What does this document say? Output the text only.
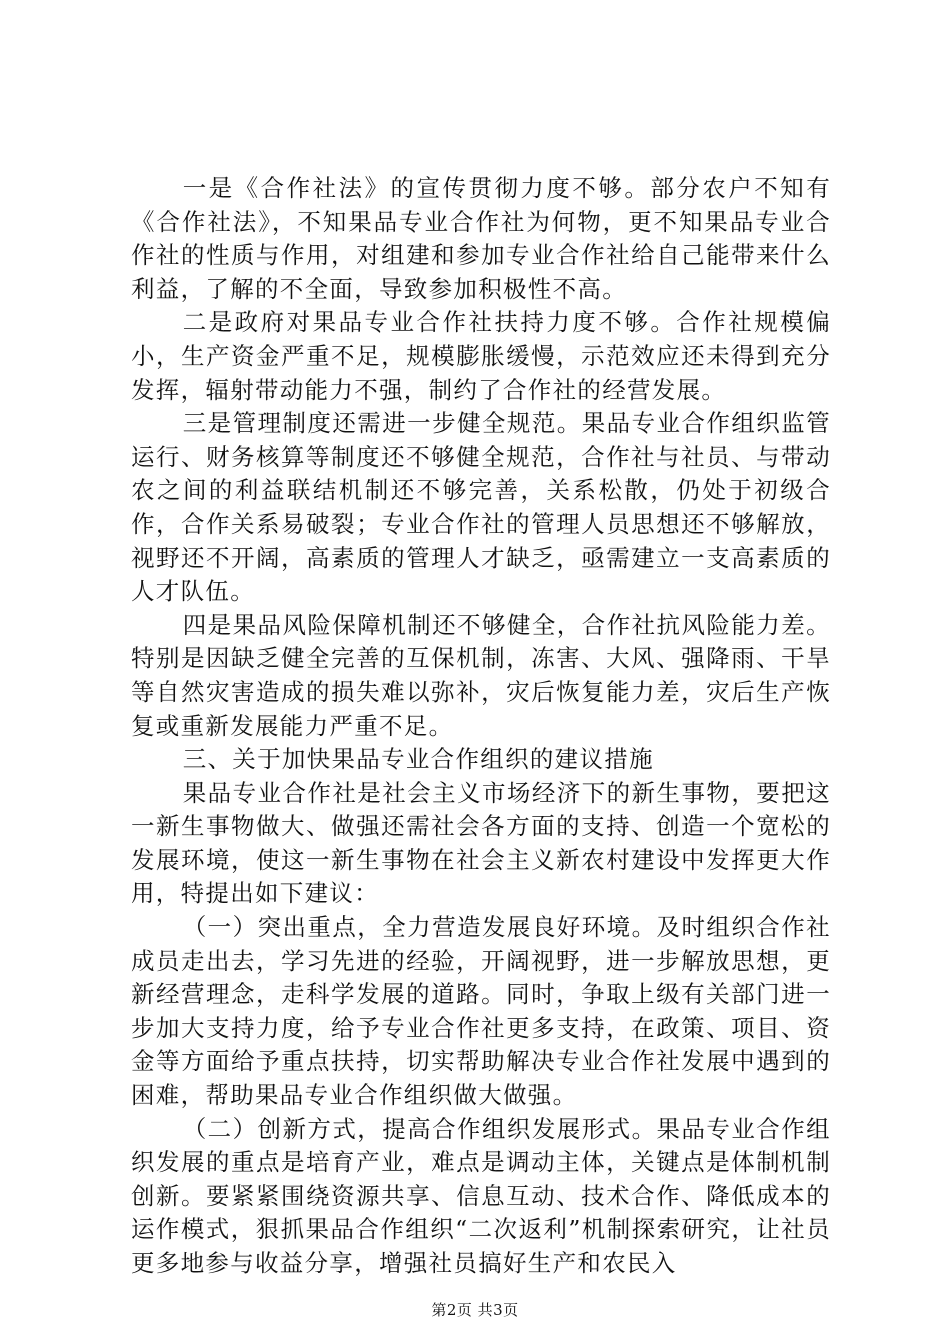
一是《合作社法》的宣传贯彻力度不够。部分农户不知有《合作社法》，不知果品专业合作社为何物，更不知果品专业合作社的性质与作用，对组建和参加专业合作社给自己能带来什么利益，了解的不全面，导致参加积极性不高。

二是政府对果品专业合作社扶持力度不够。合作社规模偏小，生产资金严重不足，规模膨胀缓慢，示范效应还未得到充分发挥，辐射带动能力不强，制约了合作社的经营发展。

三是管理制度还需进一步健全规范。果品专业合作组织监管运行、财务核算等制度还不够健全规范，合作社与社员、与带动农之间的利益联结机制还不够完善，关系松散，仍处于初级合作，合作关系易破裂；专业合作社的管理人员思想还不够解放，视野还不开阔，高素质的管理人才缺乏，亟需建立一支高素质的人才队伍。

四是果品风险保障机制还不够健全，合作社抗风险能力差。特别是因缺乏健全完善的互保机制，冻害、大风、强降雨、干旱等自然灾害造成的损失难以弥补，灾后恢复能力差，灾后生产恢复或重新发展能力严重不足。

三、关于加快果品专业合作组织的建议措施

果品专业合作社是社会主义市场经济下的新生事物，要把这一新生事物做大、做强还需社会各方面的支持、创造一个宽松的发展环境，使这一新生事物在社会主义新农村建设中发挥更大作用，特提出如下建议：

（一）突出重点，全力营造发展良好环境。及时组织合作社成员走出去，学习先进的经验，开阔视野，进一步解放思想，更新经营理念，走科学发展的道路。同时，争取上级有关部门进一步加大支持力度，给予专业合作社更多支持，在政策、项目、资金等方面给予重点扶持，切实帮助解决专业合作社发展中遇到的困难，帮助果品专业合作组织做大做强。

（二）创新方式，提高合作组织发展形式。果品专业合作组织发展的重点是培育产业，难点是调动主体，关键点是体制机制创新。要紧紧围绕资源共享、信息互动、技术合作、降低成本的运作模式，狠抓果品合作组织“二次返利”机制探索研究，让社员更多地参与收益分享，增强社员搞好生产和农民入

第2页 共3页
